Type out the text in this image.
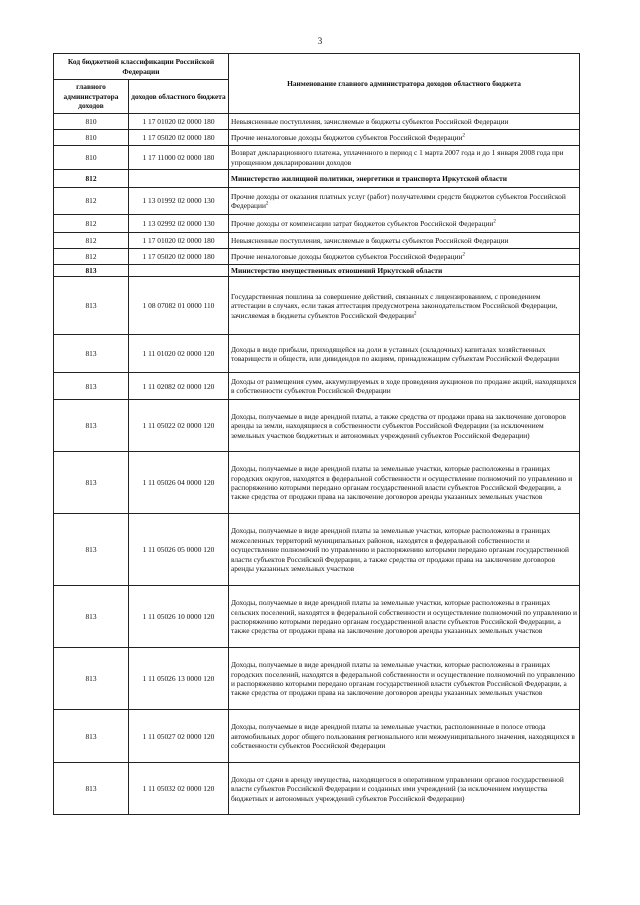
3
Код бюджетной классификации Российской Федерации		Наименование главного администратора доходов областного бюджета
главного администратора доходов	доходов областного бюджета	
810	1 17 01020 02 0000 180	Невыясненные поступления, зачисляемые в бюджеты субъектов Российской Федерации
810	1 17 05020 02 0000 180	Прочие неналоговые доходы бюджетов субъектов Российской Федерации$^2$
810	1 17 11000 02 0000 180	Возврат декларационного платежа, уплаченного в период с 1 марта 2007 года и до 1 января 2008 года при упрощенном декларировании доходов
812		Министерство жилищной политики, энергетики и транспорта Иркутской области
812	1 13 01992 02 0000 130	Прочие доходы от оказания платных услуг (работ) получателями средств бюджетов субъектов Российской Федерации$^2$
812	1 13 02992 02 0000 130	Прочие доходы от компенсации затрат бюджетов субъектов Российской Федерации$^2$
812	1 17 01020 02 0000 180	Невыясненные поступления, зачисляемые в бюджеты субъектов Российской Федерации
812	1 17 05020 02 0000 180	Прочие неналоговые доходы бюджетов субъектов Российской Федерации$^2$
813		Министерство имущественных отношений Иркутской области
813	1 08 07082 01 0000 110	Государственная пошлина за совершение действий, связанных с лицензированием, с проведением аттестации в случаях, если такая аттестация предусмотрена законодательством Российской Федерации, зачисляемая в бюджеты субъектов Российской Федерации$^2$
813	1 11 01020 02 0000 120	Доходы в виде прибыли, приходящейся на доли в уставных (складочных) капиталах хозяйственных товариществ и обществ, или дивидендов по акциям, принадлежащим субъектам Российской Федерации
813	1 11 02082 02 0000 120	Доходы от размещения сумм, аккумулируемых в ходе проведения аукционов по продаже акций, находящихся в собственности субъектов Российской Федерации
813	1 11 05022 02 0000 120	Доходы, получаемые в виде арендной платы, а также средства от продажи права на заключение договоров аренды за земли, находящиеся в собственности субъектов Российской Федерации (за исключением земельных участков бюджетных и автономных учреждений субъектов Российской Федерации)
813	1 11 05026 04 0000 120	Доходы, получаемые в виде арендной платы за земельные участки, которые расположены в границах городских округов, находятся в федеральной собственности и осуществление полномочий по управлению и распоряжению которыми передано органам государственной власти субъектов Российской Федерации, а также средства от продажи права на заключение договоров аренды указанных земельных участков
813	1 11 05026 05 0000 120	Доходы, получаемые в виде арендной платы за земельные участки, которые расположены в границах межселенных территорий муниципальных районов, находятся в федеральной собственности и осуществление полномочий по управлению и распоряжению которыми передано органам государственной власти субъектов Российской Федерации, а также средства от продажи права на заключение договоров аренды указанных земельных участков
813	1 11 05026 10 0000 120	Доходы, получаемые в виде арендной платы за земельные участки, которые расположены в границах сельских поселений, находятся в федеральной собственности и осуществление полномочий по управлению и распоряжению которыми передано органам государственной власти субъектов Российской Федерации, а также средства от продажи права на заключение договоров аренды указанных земельных участков
813	1 11 05026 13 0000 120	Доходы, получаемые в виде арендной платы за земельные участки, которые расположены в границах городских поселений, находятся в федеральной собственности и осуществление полномочий по управлению и распоряжению которыми передано органам государственной власти субъектов Российской Федерации, а также средства от продажи права на заключение договоров аренды указанных земельных участков
813	1 11 05027 02 0000 120	Доходы, получаемые в виде арендной платы за земельные участки, расположенные в полосе отвода автомобильных дорог общего пользования регионального или межмуниципального значения, находящихся в собственности субъектов Российской Федерации
813	1 11 05032 02 0000 120	Доходы от сдачи в аренду имущества, находящегося в оперативном управлении органов государственной власти субъектов Российской Федерации и созданных ими учреждений (за исключением имущества бюджетных и автономных учреждений субъектов Российской Федерации)
